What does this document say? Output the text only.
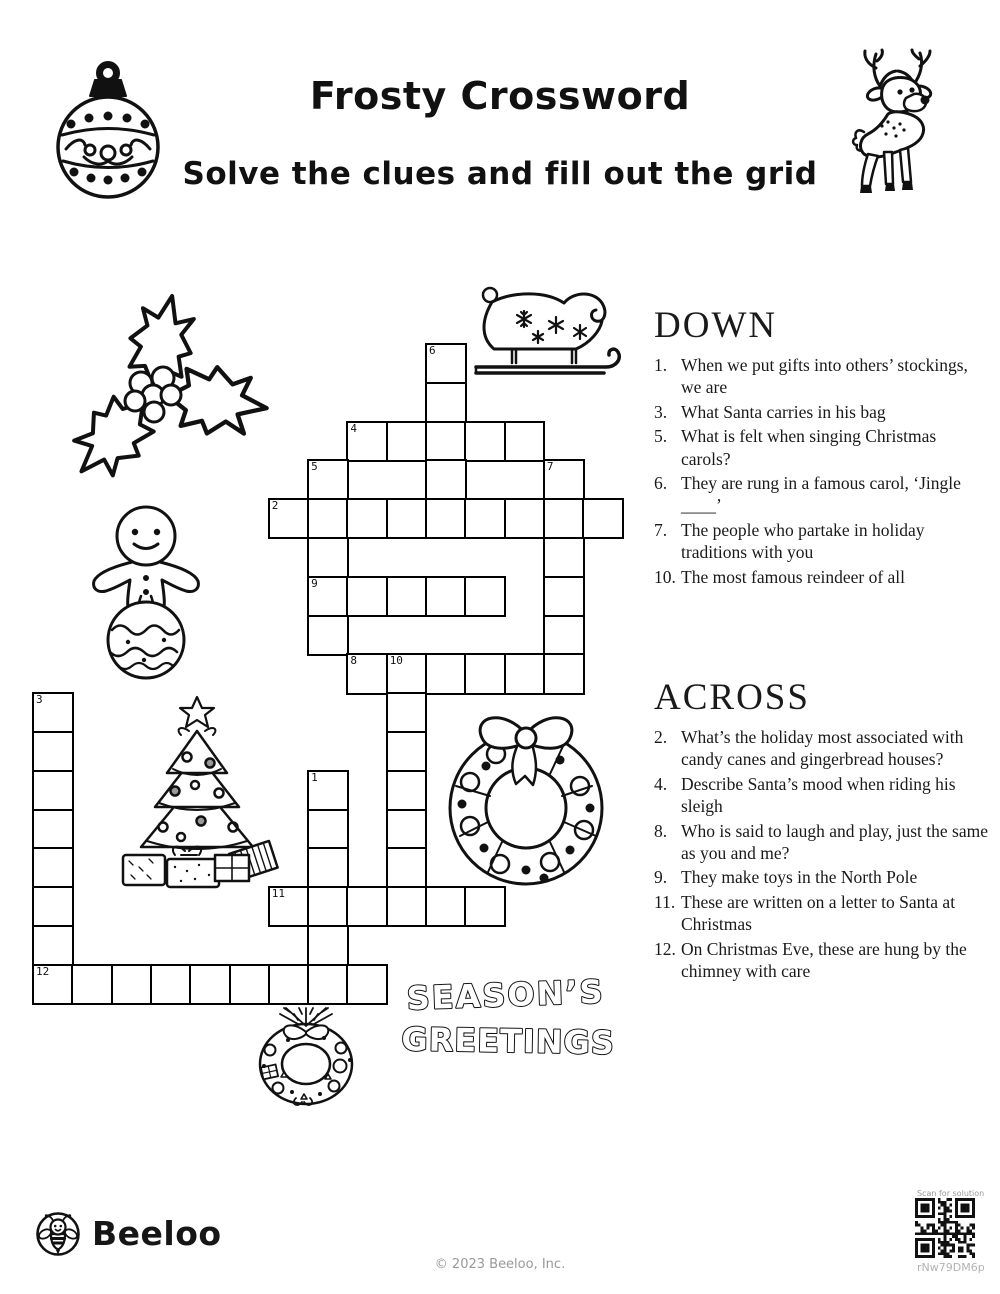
Frosty Crossword
Solve the clues and fill out the grid
SEASON’S
GREETINGS
6
4
5	7
2
9
8	10
3
1
11
12
DOWN
1. When we put gifts into others’ stockings, we are
3. What Santa carries in his bag
5. What is felt when singing Christmas carols?
6. They are rung in a famous carol, ‘Jingle ____’
7. The people who partake in holiday traditions with you
10. The most famous reindeer of all
ACROSS
2. What’s the holiday most associated with candy canes and gingerbread houses?
4. Describe Santa’s mood when riding his sleigh
8. Who is said to laugh and play, just the same as you and me?
9. They make toys in the North Pole
11. These are written on a letter to Santa at Christmas
12. On Christmas Eve, these are hung by the chimney with care
Beeloo
© 2023 Beeloo, Inc.
Scan for solution
rNw79DM6p
